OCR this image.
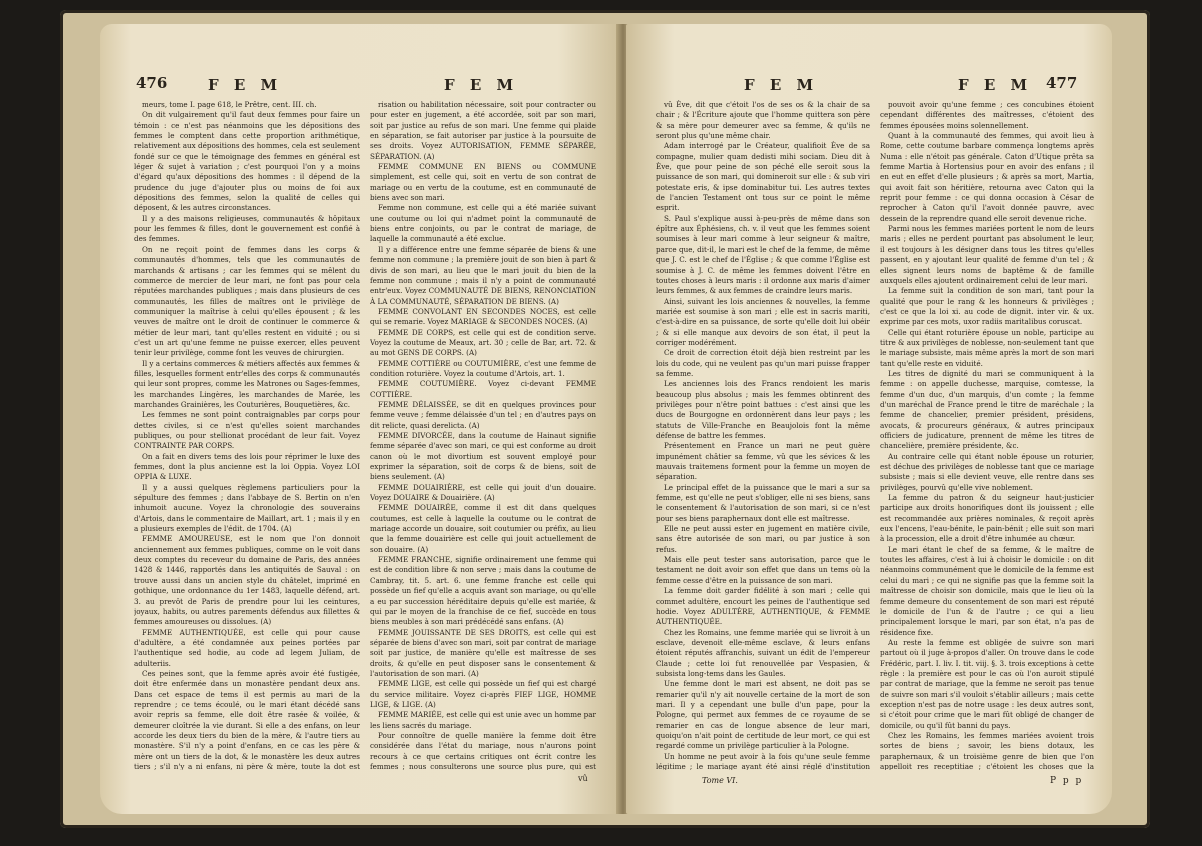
476	F E M	F E M

meurs, tome I. page 618, le Prêtre, cent. III. ch.

On dit vulgairement qu'il faut deux femmes pour faire un témoin : ce n'est pas néanmoins que les dépositions des femmes le comptent dans cette proportion arithmétique, relativement aux dépositions des hommes, cela est seulement fondé sur ce que le témoignage des femmes en général est léger & sujet à variation ; c'est pourquoi l'on y a moins d'égard qu'aux dépositions des hommes : il dépend de la prudence du juge d'ajouter plus ou moins de foi aux dépositions des femmes, selon la qualité de celles qui déposent, & les autres circonstances.

Il y a des maisons religieuses, communautés & hôpitaux pour les femmes & filles, dont le gouvernement est confié à des femmes.

On ne reçoit point de femmes dans les corps & communautés d'hommes, tels que les communautés de marchands & artisans ; car les femmes qui se mêlent du commerce de mercier de leur mari, ne font pas pour cela réputées marchandes publiques ; mais dans plusieurs de ces communautés, les filles de maîtres ont le privilège de communiquer la maîtrise à celui qu'elles épousent ; & les veuves de maître ont le droit de continuer le commerce & métier de leur mari, tant qu'elles restent en viduité ; ou si c'est un art qu'une femme ne puisse exercer, elles peuvent tenir leur privilège, comme font les veuves de chirurgien.

Il y a certains commerces & métiers affectés aux femmes & filles, lesquelles forment entr'elles des corps & communautés qui leur sont propres, comme les Matrones ou Sages-femmes, les marchandes Lingères, les marchandes de Marée, les marchandes Grainières, les Couturières, Bouquetières, &c.

Les femmes ne sont point contraignables par corps pour dettes civiles, si ce n'est qu'elles soient marchandes publiques, ou pour stellionat procédant de leur fait. Voyez CONTRAINTE PAR CORPS.

On a fait en divers tems des lois pour réprimer le luxe des femmes, dont la plus ancienne est la loi Oppia. Voyez LOI OPPIA & LUXE.

Il y a aussi quelques règlemens particuliers pour la sépulture des femmes ; dans l'abbaye de S. Bertin on n'en inhumoit aucune. Voyez la chronologie des souverains d'Artois, dans le commentaire de Maillart, art. 1 ; mais il y en a plusieurs exemples de l'édit. de 1704. (A)

FEMME AMOUREUSE, est le nom que l'on donnoit anciennement aux femmes publiques, comme on le voit dans deux comptes du receveur du domaine de Paris, des années 1428 & 1446, rapportés dans les antiquités de Sauval : on trouve aussi dans un ancien style du châtelet, imprimé en gothique, une ordonnance du 1er 1483, laquelle défend, art. 3. au prevôt de Paris de prendre pour lui les ceintures, joyaux, habits, ou autres parements défendus aux fillettes & femmes amoureuses ou dissolues. (A)

FEMME AUTHENTIQUÉE, est celle qui pour cause d'adultère, a été condamnée aux peines portées par l'authentique sed hodie, au code ad legem Juliam, de adulteriis.

Ces peines sont, que la femme après avoir été fustigée, doit être enfermée dans un monastère pendant deux ans. Dans cet espace de tems il est permis au mari de la reprendre ; ce tems écoulé, ou le mari étant décédé sans avoir repris sa femme, elle doit être rasée & voilée, & demeurer cloîtrée la vie durant. Si elle a des enfans, on leur accorde les deux tiers du bien de la mère, & l'autre tiers au monastère. S'il n'y a point d'enfans, en ce cas les père & mère ont un tiers de la dot, & le monastère les deux autres tiers ; s'il n'y a ni enfans, ni père & mère, toute la dot est

risation ou habilitation nécessaire, soit pour contracter ou pour ester en jugement, a été accordée, soit par son mari, soit par justice au refus de son mari. Une femme qui plaide en séparation, se fait autoriser par justice à la poursuite de ses droits. Voyez AUTORISATION, FEMME SÉPARÉE, SÉPARATION. (A)

FEMME COMMUNE EN BIENS ou COMMUNE simplement, est celle qui, soit en vertu de son contrat de mariage ou en vertu de la coutume, est en communauté de biens avec son mari.

Femme non commune, est celle qui a été mariée suivant une coutume ou loi qui n'admet point la communauté de biens entre conjoints, ou par le contrat de mariage, de laquelle la communauté a été exclue.

Il y a différence entre une femme séparée de biens & une femme non commune ; la première jouit de son bien à part & divis de son mari, au lieu que le mari jouit du bien de la femme non commune ; mais il n'y a point de communauté entr'eux. Voyez COMMUNAUTÉ DE BIENS, RENONCIATION À LA COMMUNAUTÉ, SÉPARATION DE BIENS. (A)

FEMME CONVOLANT EN SECONDES NOCES, est celle qui se remarie. Voyez MARIAGE & SECONDES NOCES. (A)

FEMME DE CORPS, est celle qui est de condition serve. Voyez la coutume de Meaux, art. 30 ; celle de Bar, art. 72. & au mot GENS DE CORPS. (A)

FEMME COTTIÈRE ou COUTUMIÈRE, c'est une femme de condition roturière. Voyez la coutume d'Artois, art. 1.

FEMME COUTUMIÈRE. Voyez ci-devant FEMME COTTIÈRE.

FEMME DÉLAISSÉE, se dit en quelques provinces pour femme veuve ; femme délaissée d'un tel ; en d'autres pays on dit relicte, quasi derelicta. (A)

FEMME DIVORCÉE, dans la coutume de Hainaut signifie femme séparée d'avec son mari, ce qui est conforme au droit canon où le mot divortium est souvent employé pour exprimer la séparation, soit de corps & de biens, soit de biens seulement. (A)

FEMME DOUAIRIÈRE, est celle qui jouit d'un douaire. Voyez DOUAIRE & Douairière. (A)

FEMME DOUAIRÉE, comme il est dit dans quelques coutumes, est celle à laquelle la coutume ou le contrat de mariage accorde un douaire, soit coutumier ou préfix, au lieu que la femme douairière est celle qui jouit actuellement de son douaire. (A)

FEMME FRANCHE, signifie ordinairement une femme qui est de condition libre & non serve ; mais dans la coutume de Cambray, tit. 5. art. 6. une femme franche est celle qui possède un fief qu'elle a acquis avant son mariage, ou qu'elle a eu par succession héréditaire depuis qu'elle est mariée, & qui par le moyen de la franchise de ce fief, succède en tous biens meubles à son mari prédécédé sans enfans. (A)

FEMME JOUISSANTE DE SES DROITS, est celle qui est séparée de biens d'avec son mari, soit par contrat de mariage soit par justice, de manière qu'elle est maîtresse de ses droits, & qu'elle en peut disposer sans le consentement & l'autorisation de son mari. (A)

FEMME LIGE, est celle qui possède un fief qui est chargé du service militaire. Voyez ci-après FIEF LIGE, HOMME LIGE, & LIGE. (A)

FEMME MARIÉE, est celle qui est unie avec un homme par les liens sacrés du mariage.

Pour connoître de quelle manière la femme doit être considérée dans l'état du mariage, nous n'aurons point recours à ce que certains critiques ont écrit contre les femmes ; nous consulterons une source plus pure, qui est

vû
F E M	F E M 477

vû Ève, dit que c'étoit l'os de ses os & la chair de sa chair ; & l'Écriture ajoute que l'homme quittera son père & sa mère pour demeurer avec sa femme, & qu'ils ne seront plus qu'une même chair.

Adam interrogé par le Créateur, qualifioit Ève de sa compagne, mulier quam dedisti mihi sociam. Dieu dit à Ève, que pour peine de son péché elle seroit sous la puissance de son mari, qui domineroit sur elle : & sub viri potestate eris, & ipse dominabitur tui. Les autres textes de l'ancien Testament ont tous sur ce point le même esprit.

S. Paul s'explique aussi à-peu-près de même dans son épître aux Éphésiens, ch. v. il veut que les femmes soient soumises à leur mari comme à leur seigneur & maître, parce que, dit-il, le mari est le chef de la femme, de même que J. C. est le chef de l'Église ; & que comme l'Église est soumise à J. C. de même les femmes doivent l'être en toutes choses à leurs maris : il ordonne aux maris d'aimer leurs femmes, & aux femmes de craindre leurs maris.

Ainsi, suivant les lois anciennes & nouvelles, la femme mariée est soumise à son mari ; elle est in sacris mariti, c'est-à-dire en sa puissance, de sorte qu'elle doit lui obéir ; & si elle manque aux devoirs de son état, il peut la corriger modérément.

Ce droit de correction étoit déjà bien restreint par les lois du code, qui ne veulent pas qu'un mari puisse frapper sa femme.

Les anciennes lois des Francs rendoient les maris beaucoup plus absolus ; mais les femmes obtinrent des privilèges pour n'être point battues : c'est ainsi que les ducs de Bourgogne en ordonnèrent dans leur pays ; les statuts de Ville-Franche en Beaujolois font la même défense de battre les femmes.

Présentement en France un mari ne peut guère impunément châtier sa femme, vû que les sévices & les mauvais traitemens forment pour la femme un moyen de séparation.

Le principal effet de la puissance que le mari a sur sa femme, est qu'elle ne peut s'obliger, elle ni ses biens, sans le consentement & l'autorisation de son mari, si ce n'est pour ses biens paraphernaux dont elle est maîtresse.

Elle ne peut aussi ester en jugement en matière civile, sans être autorisée de son mari, ou par justice à son refus.

Mais elle peut tester sans autorisation, parce que le testament ne doit avoir son effet que dans un tems où la femme cesse d'être en la puissance de son mari.

La femme doit garder fidélité à son mari ; celle qui commet adultère, encourt les peines de l'authentique sed hodie. Voyez ADULTÈRE, AUTHENTIQUE, & FEMME AUTHENTIQUÉE.

Chez les Romains, une femme mariée qui se livroit à un esclave, devenoit elle-même esclave, & leurs enfans étoient réputés affranchis, suivant un édit de l'empereur Claude ; cette loi fut renouvellée par Vespasien, & subsista long-tems dans les Gaules.

Une femme dont le mari est absent, ne doit pas se remarier qu'il n'y ait nouvelle certaine de la mort de son mari. Il y a cependant une bulle d'un pape, pour la Pologne, qui permet aux femmes de ce royaume de se remarier en cas de longue absence de leur mari, quoiqu'on n'ait point de certitude de leur mort, ce qui est regardé comme un privilège particulier à la Pologne.

Un homme ne peut avoir à la fois qu'une seule femme légitime ; le mariage ayant été ainsi réglé d'institution

Tome VI.

pouvoit avoir qu'une femme ; ces concubines étoient cependant différentes des maîtresses, c'étoient des femmes épousées moins solennellement.

Quant à la communauté des femmes, qui avoit lieu à Rome, cette coutume barbare commença longtems après Numa : elle n'étoit pas générale. Caton d'Utique prêta sa femme Martia à Hortensius pour en avoir des enfans ; il en eut en effet d'elle plusieurs ; & après sa mort, Martia, qui avoit fait son héritière, retourna avec Caton qui la reprit pour femme : ce qui donna occasion à César de reprocher à Caton qu'il l'avoit donnée pauvre, avec dessein de la reprendre quand elle seroit devenue riche.

Parmi nous les femmes mariées portent le nom de leurs maris ; elles ne perdent pourtant pas absolument le leur, il est toujours à les désigner dans tous les titres qu'elles passent, en y ajoutant leur qualité de femme d'un tel ; & elles signent leurs noms de baptême & de famille auxquels elles ajoutent ordinairement celui de leur mari.

La femme suit la condition de son mari, tant pour la qualité que pour le rang & les honneurs & privilèges ; c'est ce que la loi xi. au code de dignit. inter vir. & ux. exprime par ces mots, uxor radiis maritalibus coruscat.

Celle qui étant roturière épouse un noble, participe au titre & aux privilèges de noblesse, non-seulement tant que le mariage subsiste, mais même après la mort de son mari tant qu'elle reste en viduité.

Les titres de dignité du mari se communiquent à la femme : on appelle duchesse, marquise, comtesse, la femme d'un duc, d'un marquis, d'un comte ; la femme d'un maréchal de France prend le titre de maréchale ; la femme de chancelier, premier président, présidens, avocats, & procureurs généraux, & autres principaux officiers de judicature, prennent de même les titres de chancelière, première présidente, &c.

Au contraire celle qui étant noble épouse un roturier, est déchue des privilèges de noblesse tant que ce mariage subsiste ; mais si elle devient veuve, elle rentre dans ses privilèges, pourvû qu'elle vive noblement.

La femme du patron & du seigneur haut-justicier participe aux droits honorifiques dont ils jouissent ; elle est recommandée aux prières nominales, & reçoit après eux l'encens, l'eau-bénite, le pain-bénit ; elle suit son mari à la procession, elle a droit d'être inhumée au chœur.

Le mari étant le chef de sa femme, & le maître de toutes les affaires, c'est à lui à choisir le domicile : on dit néanmoins communément que le domicile de la femme est celui du mari ; ce qui ne signifie pas que la femme soit la maîtresse de choisir son domicile, mais que le lieu où la femme demeure du consentement de son mari est réputé le domicile de l'un & de l'autre ; ce qui a lieu principalement lorsque le mari, par son état, n'a pas de résidence fixe.

Au reste la femme est obligée de suivre son mari partout où il juge à-propos d'aller. On trouve dans le code Frédéric, part. I. liv. I. tit. viij. §. 3. trois exceptions à cette règle : la première est pour le cas où l'on auroit stipulé par contrat de mariage, que la femme ne seroit pas tenue de suivre son mari s'il vouloit s'établir ailleurs ; mais cette exception n'est pas de notre usage : les deux autres sont, si c'étoit pour crime que le mari fût obligé de changer de domicile, ou qu'il fût banni du pays.

Chez les Romains, les femmes mariées avoient trois sortes de biens ; savoir, les biens dotaux, les paraphernaux, & un troisième genre de bien que l'on appelloit res receptitiae ; c'étoient les choses que la

P p p
